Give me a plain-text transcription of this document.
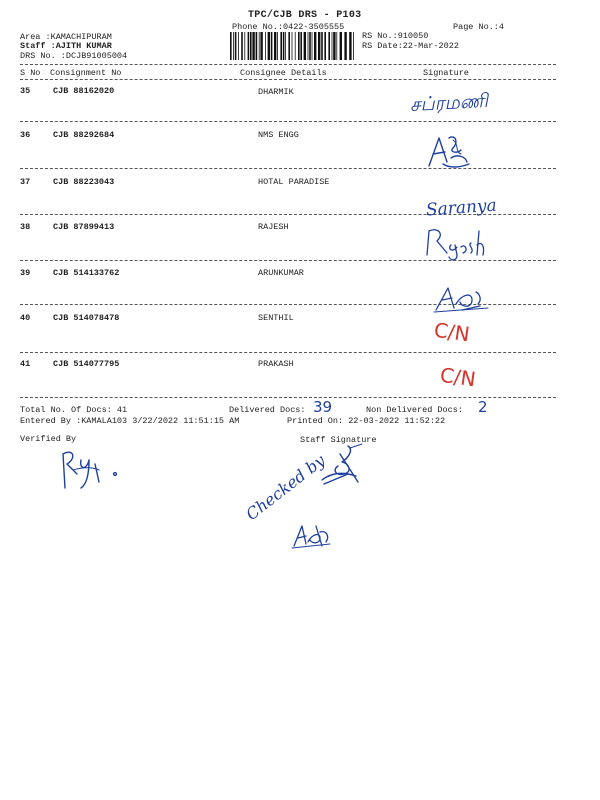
TPC/CJB DRS - P103
Phone No.:0422-3505555	Page No.:4
Area :KAMACHIPURAM
Staff :AJITH KUMAR
DRS No. :DCJB91005004
RS No.:910050
RS Date:22-Mar-2022
S No Consignment No	Consignee Details	Signature
35	CJB 88162020	DHARMIK
36	CJB 88292684	NMS ENGG
37	CJB 88223043	HOTAL PARADISE
38	CJB 87899413	RAJESH
39	CJB 514133762	ARUNKUMAR
40	CJB 514078478	SENTHIL
41	CJB 514077795	PRAKASH
சப்ரமணி
Saranya
C/N
C/N
Total No. Of Docs: 41	Delivered Docs: 39	Non Delivered Docs: 2
Entered By :KAMALA103 3/22/2022 11:51:15 AM	Printed On: 22-03-2022 11:52:22
Verified By	Staff Signature
Checked by
